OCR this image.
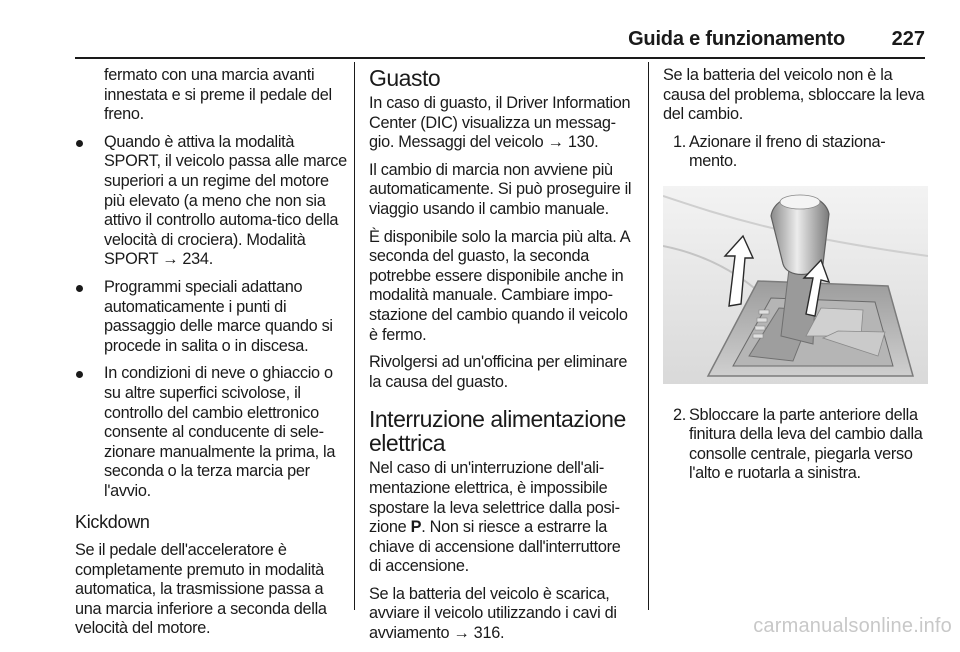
Guida e funzionamento 227

fermato con una marcia avanti innestata e si preme il pedale del freno.

Quando è attiva la modalità SPORT, il veicolo passa alle marce superiori a un regime del motore più elevato (a meno che non sia attivo il controllo automa-tico della velocità di crociera). Modalità SPORT → 234.
Programmi speciali adattano automaticamente i punti di passaggio delle marce quando si procede in salita o in discesa.
In condizioni di neve o ghiaccio o su altre superfici scivolose, il controllo del cambio elettronico consente al conducente di sele-zionare manualmente la prima, la seconda o la terza marcia per l'avvio.
Kickdown

Se il pedale dell'acceleratore è completamente premuto in modalità automatica, la trasmissione passa a una marcia inferiore a seconda della velocità del motore.

Guasto

In caso di guasto, il Driver Information Center (DIC) visualizza un messag-gio. Messaggi del veicolo → 130.

Il cambio di marcia non avviene più automaticamente. Si può proseguire il viaggio usando il cambio manuale.

È disponibile solo la marcia più alta. A seconda del guasto, la seconda potrebbe essere disponibile anche in modalità manuale. Cambiare impo-stazione del cambio quando il veicolo è fermo.

Rivolgersi ad un'officina per eliminare la causa del guasto.

Interruzione alimentazione elettrica

Nel caso di un'interruzione dell'ali-mentazione elettrica, è impossibile spostare la leva selettrice dalla posi-zione P. Non si riesce a estrarre la chiave di accensione dall'interruttore di accensione.

Se la batteria del veicolo è scarica, avviare il veicolo utilizzando i cavi di avviamento → 316.

Se la batteria del veicolo non è la causa del problema, sbloccare la leva del cambio.

1. Azionare il freno di staziona-mento.
2. Sbloccare la parte anteriore della finitura della leva del cambio dalla consolle centrale, piegarla verso l'alto e ruotarla a sinistra.
carmanualsonline.info
